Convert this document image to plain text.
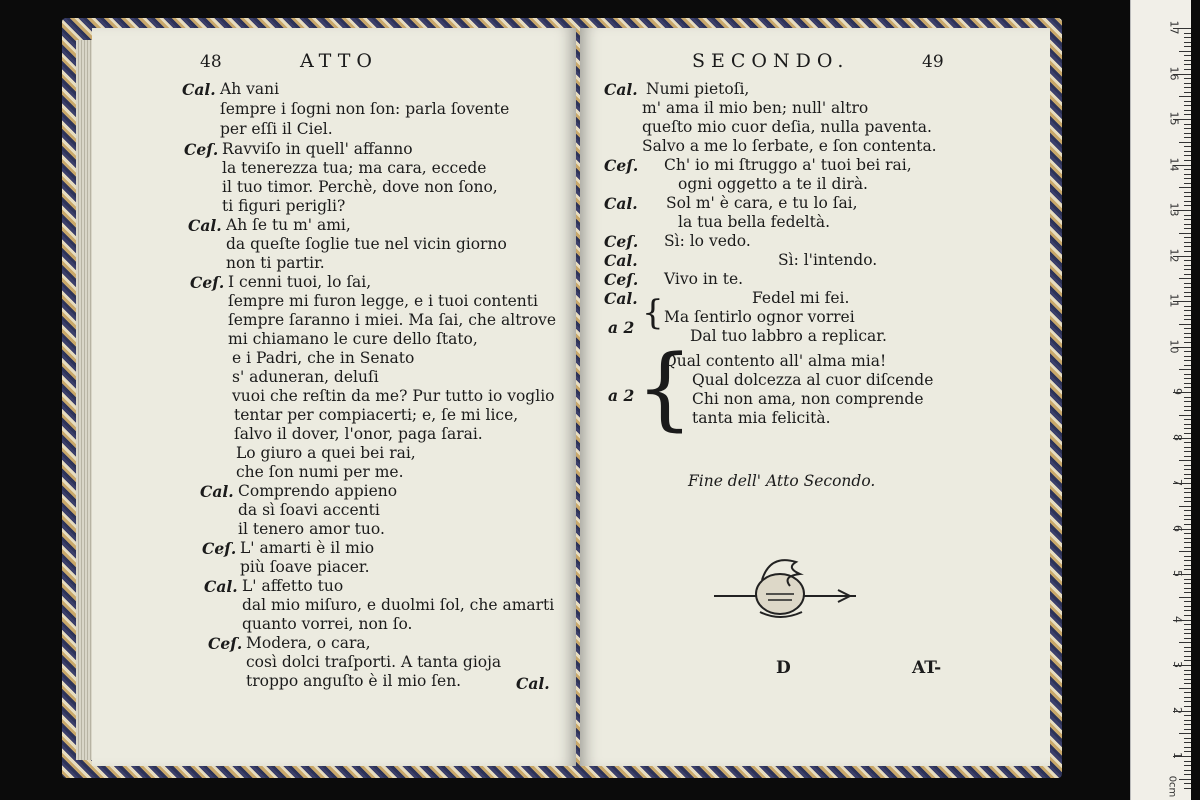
48	ATTO
Cal. Ah vani
ſempre i ſogni non ſon: parla ſovente
per eſſi il Ciel.
Ceſ. Ravviſo in quell' affanno
la tenerezza tua; ma cara, eccede
il tuo timor. Perchè, dove non ſono,
ti figuri perigli?
Cal. Ah ſe tu m' ami,
da queſte ſoglie tue nel vicin giorno
non ti partir.
Ceſ. I cenni tuoi, lo ſai,
ſempre mi furon legge, e i tuoi contenti
ſempre ſaranno i miei. Ma ſai, che altrove
mi chiamano le cure dello ſtato,
e i Padri, che in Senato
s' aduneran, deluſi
vuoi che reſtin da me? Pur tutto io voglio
tentar per compiacerti; e, ſe mi lice,
ſalvo il dover, l'onor, paga ſarai.
Lo giuro a quei bei rai,
che ſon numi per me.
Cal. Comprendo appieno
da sì ſoavi accenti
il tenero amor tuo.
Ceſ. L' amarti è il mio
più ſoave piacer.
Cal. L' affetto tuo
dal mio miſuro, e duolmi ſol, che amarti
quanto vorrei, non ſo.
Ceſ. Modera, o cara,
così dolci traſporti. A tanta gioja
troppo anguſto è il mio ſen.	Cal.
SECONDO.	49
Cal. Numi pietoſi,
m' ama il mio ben; null' altro
queſto mio cuor deſia, nulla paventa.
Salvo a me lo ſerbate, e ſon contenta.
Ceſ. Ch' io mi ſtruggo a' tuoi bei rai,
ogni oggetto a te il dirà.
Cal. Sol m' è cara, e tu lo ſai,
la tua bella fedeltà.
Ceſ. Sì: lo vedo.
Cal.	Sì: l'intendo.
Ceſ. Vivo in te.
Cal.	Fedel mi fei.
a 2 { Ma ſentirlo ognor vorrei
Dal tuo labbro a replicar.
a 2 {
Qual contento all' alma mia!
Qual dolcezza al cuor diſcende
Chi non ama, non comprende
tanta mia felicità.
Fine dell' Atto Secondo.
D	AT-
17
16
15
14
13
12
11
10
9
8
7
6
5
4
3
2
1
0cm
